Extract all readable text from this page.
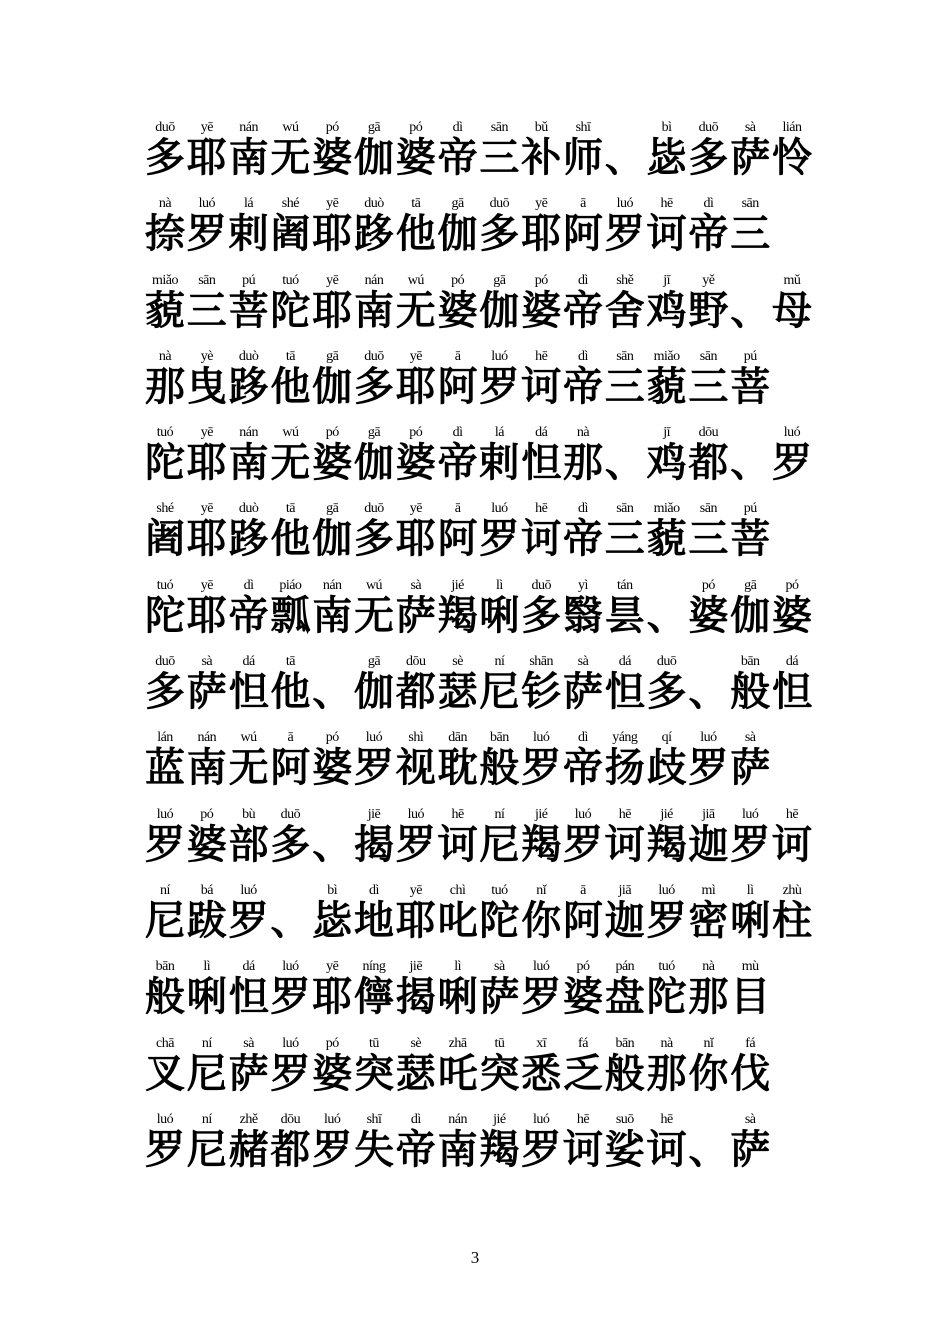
duō
多
yē
耶
nán
南
wú
无
pó
婆
gā
伽
pó
婆
dì
帝
sān
三
bǔ
补
shī
师 、
bì
毖
duō
多
sà
萨
lián
怜
nà
捺
luó
罗
lá
剌
shé
阇
yē
耶
duò
跢
tā
他
gā
伽
duō
多
yē
耶
ā
阿
luó
罗
hē
诃
dì
帝
sān
三
miǎo
藐
sān
三
pú
菩
tuó
陀
yē
耶
nán
南
wú
无
pó
婆
gā
伽
pó
婆
dì
帝
shě
舍
jī
鸡
yě
野 、
mǔ
母
nà
那
yè
曳
duò
跢
tā
他
gā
伽
duō
多
yē
耶
ā
阿
luó
罗
hē
诃
dì
帝
sān
三
miǎo
藐
sān
三
pú
菩
tuó
陀
yē
耶
nán
南
wú
无
pó
婆
gā
伽
pó
婆
dì
帝
lá
剌
dá
怛
nà
那 、
jī
鸡
dōu
都 、
luó
罗
shé
阇
yē
耶
duò
跢
tā
他
gā
伽
duō
多
yē
耶
ā
阿
luó
罗
hē
诃
dì
帝
sān
三
miǎo
藐
sān
三
pú
菩
tuó
陀
yē
耶
dì
帝
piáo
瓢
nán
南
wú
无
sà
萨
jié
羯
lì
唎
duō
多
yì
翳
tán
昙 、
pó
婆
gā
伽
pó
婆
duō
多
sà
萨
dá
怛
tā
他 、
gā
伽
dōu
都
sè
瑟
ní
尼
shān
钐
sà
萨
dá
怛
duō
多 、
bān
般
dá
怛
lán
蓝
nán
南
wú
无
ā
阿
pó
婆
luó
罗
shì
视
dān
耽
bān
般
luó
罗
dì
帝
yáng
扬
qí
歧
luó
罗
sà
萨
luó
罗
pó
婆
bù
部
duō
多 、
jiē
揭
luó
罗
hē
诃
ní
尼
jié
羯
luó
罗
hē
诃
jié
羯
jiā
迦
luó
罗
hē
诃
ní
尼
bá
跋
luó
罗 、
bì
毖
dì
地
yē
耶
chì
叱
tuó
陀
nǐ
你
ā
阿
jiā
迦
luó
罗
mì
密
lì
唎
zhù
柱
bān
般
lì
唎
dá
怛
luó
罗
yē
耶
níng
儜
jiē
揭
lì
唎
sà
萨
luó
罗
pó
婆
pán
盘
tuó
陀
nà
那
mù
目
chā
叉
ní
尼
sà
萨
luó
罗
pó
婆
tū
突
sè
瑟
zhā
吒
tū
突
xī
悉
fá
乏
bān
般
nà
那
nǐ
你
fá
伐
luó
罗
ní
尼
zhě
赭
dōu
都
luó
罗
shī
失
dì
帝
nán
南
jié
羯
luó
罗
hē
诃
suō
娑
hē
诃 、
sà
萨
3
